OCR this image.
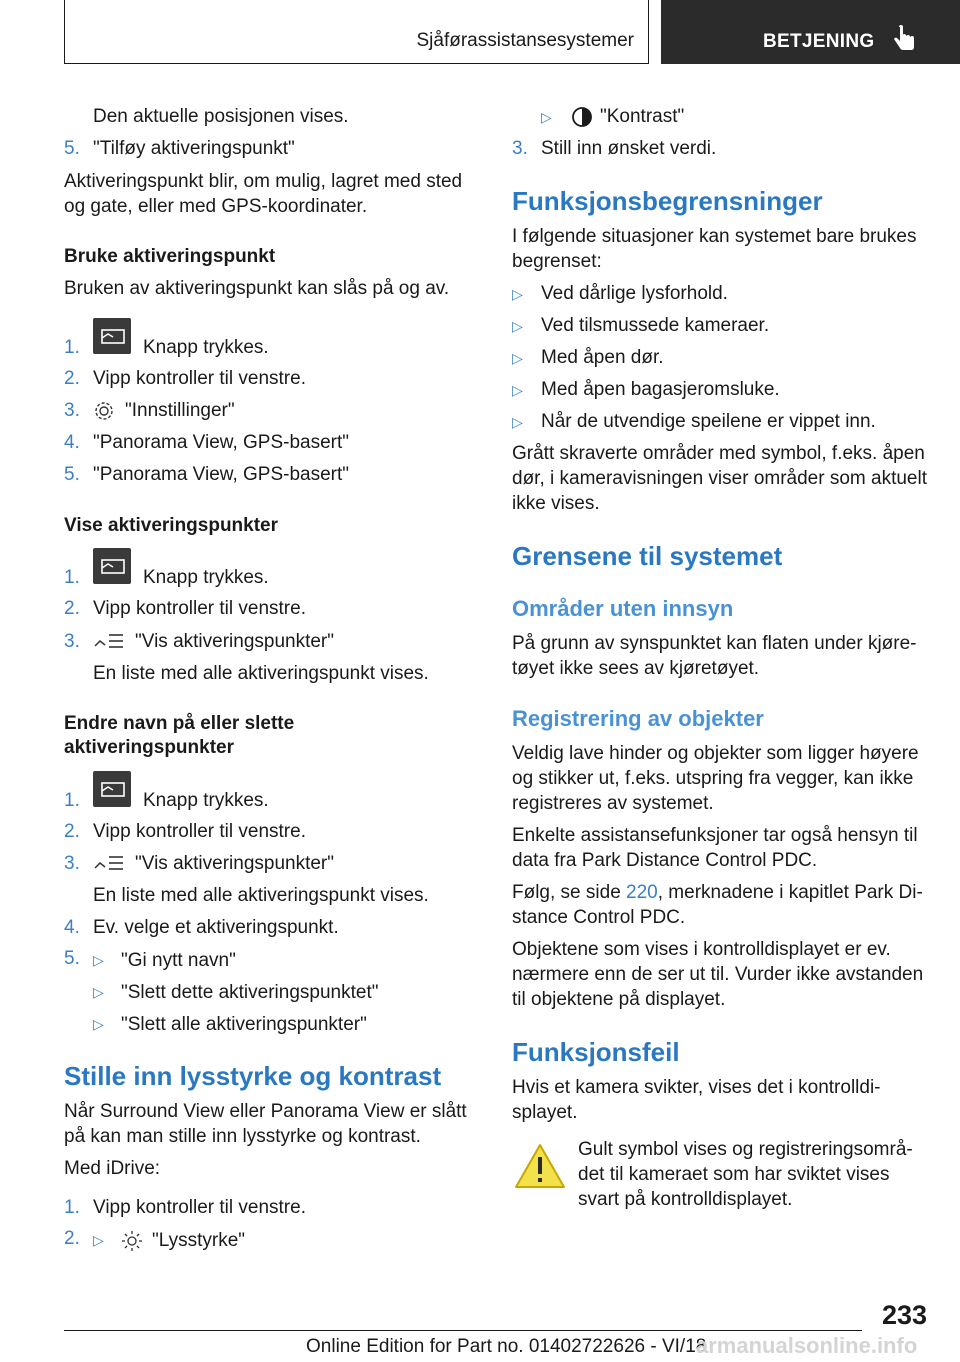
Sjåførassistansesystemer	BETJENING
Den aktuelle posisjonen vises.
5. "Tilføy aktiveringspunkt"
Aktiveringspunkt blir, om mulig, lagret med sted
og gate, eller med GPS-koordinater.
Bruke aktiveringspunkt
Bruken av aktiveringspunkt kan slås på og av.
1.	Knapp trykkes.
2. Vipp kontroller til venstre.
3. "Innstillinger"
4. "Panorama View, GPS-basert"
5. "Panorama View, GPS-basert"
Vise aktiveringspunkter
1.	Knapp trykkes.
2. Vipp kontroller til venstre.
3.	"Vis aktiveringspunkter"
En liste med alle aktiveringspunkt vises.
Endre navn på eller slette
aktiveringspunkter
1.	Knapp trykkes.
2. Vipp kontroller til venstre.
3.	"Vis aktiveringspunkter"
En liste med alle aktiveringspunkt vises.
4. Ev. velge et aktiveringspunkt.
5. ▷ "Gi nytt navn"
▷ "Slett dette aktiveringspunktet"
▷ "Slett alle aktiveringspunkter"
Stille inn lysstyrke og kontrast
Når Surround View eller Panorama View er slått
på kan man stille inn lysstyrke og kontrast.
Med iDrive:
1. Vipp kontroller til venstre.
2. ▷	"Lysstyrke"
▷	"Kontrast"
3. Still inn ønsket verdi.
Funksjonsbegrensninger
I følgende situasjoner kan systemet bare brukes
begrenset:
▷ Ved dårlige lysforhold.
▷ Ved tilsmussede kameraer.
▷ Med åpen dør.
▷ Med åpen bagasjeromsluke.
▷ Når de utvendige speilene er vippet inn.
Grått skraverte områder med symbol, f.eks. åpen
dør, i kameravisningen viser områder som aktuelt
ikke vises.
Grensene til systemet
Områder uten innsyn
På grunn av synspunktet kan flaten under kjøre-
tøyet ikke sees av kjøretøyet.
Registrering av objekter
Veldig lave hinder og objekter som ligger høyere
og stikker ut, f.eks. utspring fra vegger, kan ikke
registreres av systemet.
Enkelte assistansefunksjoner tar også hensyn til
data fra Park Distance Control PDC.
Følg, se side 220, merknadene i kapitlet Park Di-
stance Control PDC.
Objektene som vises i kontrolldisplayet er ev.
nærmere enn de ser ut til. Vurder ikke avstanden
til objektene på displayet.
Funksjonsfeil
Hvis et kamera svikter, vises det i kontrolldi-
splayet.
Gult symbol vises og registreringsområ-
det til kameraet som har sviktet vises
svart på kontrolldisplayet.
233
Online Edition for Part no. 01402722626 - VI/18
armanualsonline.info
